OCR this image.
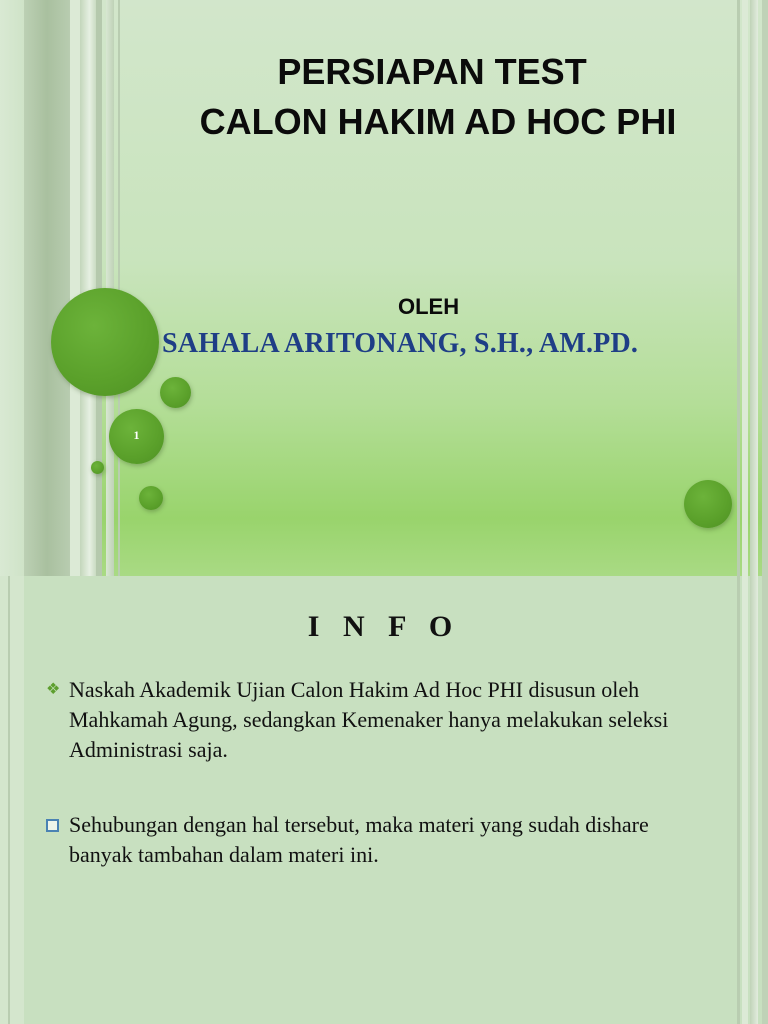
1
PERSIAPAN TEST
CALON HAKIM AD HOC PHI
OLEH
SAHALA ARITONANG, S.H., AM.PD.
I N F O
❖ Naskah Akademik Ujian Calon Hakim Ad Hoc PHI disusun oleh Mahkamah Agung, sedangkan Kemenaker hanya melakukan seleksi Administrasi saja.
Sehubungan dengan hal tersebut, maka materi yang sudah dishare banyak tambahan dalam materi ini.
